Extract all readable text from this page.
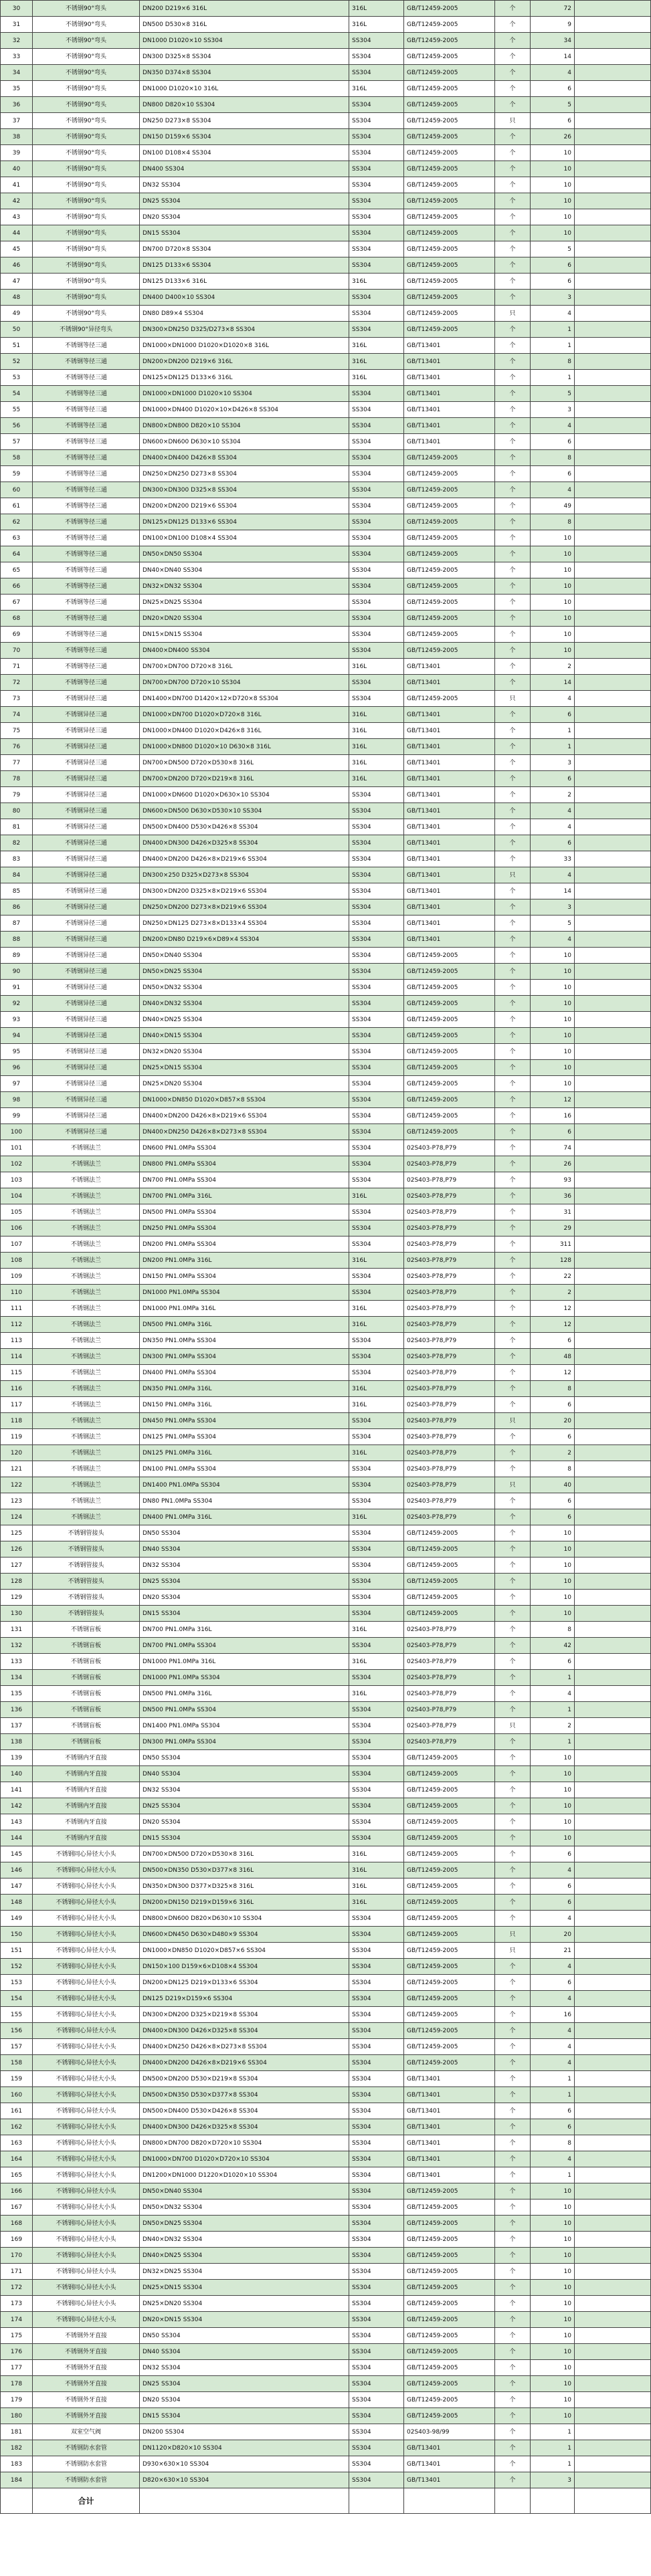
30	不锈钢90°弯头	DN200 D219×6 316L	316L	GB/T12459-2005	个	72	
31	不锈钢90°弯头	DN500 D530×8 316L	316L	GB/T12459-2005	个	9	
32	不锈钢90°弯头	DN1000 D1020×10 SS304	SS304	GB/T12459-2005	个	34	
33	不锈钢90°弯头	DN300 D325×8 SS304	SS304	GB/T12459-2005	个	14	
34	不锈钢90°弯头	DN350 D374×8 SS304	SS304	GB/T12459-2005	个	4	
35	不锈钢90°弯头	DN1000 D1020×10 316L	316L	GB/T12459-2005	个	6	
36	不锈钢90°弯头	DN800 D820×10 SS304	SS304	GB/T12459-2005	个	5	
37	不锈钢90°弯头	DN250 D273×8 SS304	SS304	GB/T12459-2005	只	6	
38	不锈钢90°弯头	DN150 D159×6 SS304	SS304	GB/T12459-2005	个	26	
39	不锈钢90°弯头	DN100 D108×4 SS304	SS304	GB/T12459-2005	个	10	
40	不锈钢90°弯头	DN400 SS304	SS304	GB/T12459-2005	个	10	
41	不锈钢90°弯头	DN32 SS304	SS304	GB/T12459-2005	个	10	
42	不锈钢90°弯头	DN25 SS304	SS304	GB/T12459-2005	个	10	
43	不锈钢90°弯头	DN20 SS304	SS304	GB/T12459-2005	个	10	
44	不锈钢90°弯头	DN15 SS304	SS304	GB/T12459-2005	个	10	
45	不锈钢90°弯头	DN700 D720×8 SS304	SS304	GB/T12459-2005	个	5	
46	不锈钢90°弯头	DN125 D133×6 SS304	SS304	GB/T12459-2005	个	6	
47	不锈钢90°弯头	DN125 D133×6 316L	316L	GB/T12459-2005	个	6	
48	不锈钢90°弯头	DN400 D400×10 SS304	SS304	GB/T12459-2005	个	3	
49	不锈钢90°弯头	DN80 D89×4 SS304	SS304	GB/T12459-2005	只	4	
50	不锈钢90°异径弯头	DN300×DN250 D325/D273×8 SS304	SS304	GB/T12459-2005	个	1	
51	不锈钢等径三通	DN1000×DN1000 D1020×D1020×8 316L	316L	GB/T13401	个	1	
52	不锈钢等径三通	DN200×DN200 D219×6 316L	316L	GB/T13401	个	8	
53	不锈钢等径三通	DN125×DN125 D133×6 316L	316L	GB/T13401	个	1	
54	不锈钢等径三通	DN1000×DN1000 D1020×10 SS304	SS304	GB/T13401	个	5	
55	不锈钢等径三通	DN1000×DN400 D1020×10×D426×8 SS304	SS304	GB/T13401	个	3	
56	不锈钢等径三通	DN800×DN800 D820×10 SS304	SS304	GB/T13401	个	4	
57	不锈钢等径三通	DN600×DN600 D630×10 SS304	SS304	GB/T13401	个	6	
58	不锈钢等径三通	DN400×DN400 D426×8 SS304	SS304	GB/T12459-2005	个	8	
59	不锈钢等径三通	DN250×DN250 D273×8 SS304	SS304	GB/T12459-2005	个	6	
60	不锈钢等径三通	DN300×DN300 D325×8 SS304	SS304	GB/T12459-2005	个	4	
61	不锈钢等径三通	DN200×DN200 D219×6 SS304	SS304	GB/T12459-2005	个	49	
62	不锈钢等径三通	DN125×DN125 D133×6 SS304	SS304	GB/T12459-2005	个	8	
63	不锈钢等径三通	DN100×DN100 D108×4 SS304	SS304	GB/T12459-2005	个	10	
64	不锈钢等径三通	DN50×DN50 SS304	SS304	GB/T12459-2005	个	10	
65	不锈钢等径三通	DN40×DN40 SS304	SS304	GB/T12459-2005	个	10	
66	不锈钢等径三通	DN32×DN32 SS304	SS304	GB/T12459-2005	个	10	
67	不锈钢等径三通	DN25×DN25 SS304	SS304	GB/T12459-2005	个	10	
68	不锈钢等径三通	DN20×DN20 SS304	SS304	GB/T12459-2005	个	10	
69	不锈钢等径三通	DN15×DN15 SS304	SS304	GB/T12459-2005	个	10	
70	不锈钢等径三通	DN400×DN400 SS304	SS304	GB/T12459-2005	个	10	
71	不锈钢等径三通	DN700×DN700 D720×8 316L	316L	GB/T13401	个	2	
72	不锈钢等径三通	DN700×DN700 D720×10 SS304	SS304	GB/T13401	个	14	
73	不锈钢异径三通	DN1400×DN700 D1420×12×D720×8 SS304	SS304	GB/T12459-2005	只	4	
74	不锈钢异径三通	DN1000×DN700 D1020×D720×8 316L	316L	GB/T13401	个	6	
75	不锈钢异径三通	DN1000×DN400 D1020×D426×8 316L	316L	GB/T13401	个	1	
76	不锈钢异径三通	DN1000×DN800 D1020×10 D630×8 316L	316L	GB/T13401	个	1	
77	不锈钢异径三通	DN700×DN500 D720×D530×8 316L	316L	GB/T13401	个	3	
78	不锈钢异径三通	DN700×DN200 D720×D219×8 316L	316L	GB/T13401	个	6	
79	不锈钢异径三通	DN1000×DN600 D1020×D630×10 SS304	SS304	GB/T13401	个	2	
80	不锈钢异径三通	DN600×DN500 D630×D530×10 SS304	SS304	GB/T13401	个	4	
81	不锈钢异径三通	DN500×DN400 D530×D426×8 SS304	SS304	GB/T13401	个	4	
82	不锈钢异径三通	DN400×DN300 D426×D325×8 SS304	SS304	GB/T13401	个	6	
83	不锈钢异径三通	DN400×DN200 D426×8×D219×6 SS304	SS304	GB/T13401	个	33	
84	不锈钢异径三通	DN300×250 D325×D273×8 SS304	SS304	GB/T13401	只	4	
85	不锈钢异径三通	DN300×DN200 D325×8×D219×6 SS304	SS304	GB/T13401	个	14	
86	不锈钢异径三通	DN250×DN200 D273×8×D219×6 SS304	SS304	GB/T13401	个	3	
87	不锈钢异径三通	DN250×DN125 D273×8×D133×4 SS304	SS304	GB/T13401	个	5	
88	不锈钢异径三通	DN200×DN80 D219×6×D89×4 SS304	SS304	GB/T13401	个	4	
89	不锈钢异径三通	DN50×DN40 SS304	SS304	GB/T12459-2005	个	10	
90	不锈钢异径三通	DN50×DN25 SS304	SS304	GB/T12459-2005	个	10	
91	不锈钢异径三通	DN50×DN32 SS304	SS304	GB/T12459-2005	个	10	
92	不锈钢异径三通	DN40×DN32 SS304	SS304	GB/T12459-2005	个	10	
93	不锈钢异径三通	DN40×DN25 SS304	SS304	GB/T12459-2005	个	10	
94	不锈钢异径三通	DN40×DN15 SS304	SS304	GB/T12459-2005	个	10	
95	不锈钢异径三通	DN32×DN20 SS304	SS304	GB/T12459-2005	个	10	
96	不锈钢异径三通	DN25×DN15 SS304	SS304	GB/T12459-2005	个	10	
97	不锈钢异径三通	DN25×DN20 SS304	SS304	GB/T12459-2005	个	10	
98	不锈钢异径三通	DN1000×DN850 D1020×D857×8 SS304	SS304	GB/T12459-2005	个	12	
99	不锈钢异径三通	DN400×DN200 D426×8×D219×6 SS304	SS304	GB/T12459-2005	个	16	
100	不锈钢异径三通	DN400×DN250 D426×8×D273×8 SS304	SS304	GB/T12459-2005	个	6	
101	不锈钢法兰	DN600 PN1.0MPa SS304	SS304	02S403-P78,P79	个	74	
102	不锈钢法兰	DN800 PN1.0MPa SS304	SS304	02S403-P78,P79	个	26	
103	不锈钢法兰	DN700 PN1.0MPa SS304	SS304	02S403-P78,P79	个	93	
104	不锈钢法兰	DN700 PN1.0MPa 316L	316L	02S403-P78,P79	个	36	
105	不锈钢法兰	DN500 PN1.0MPa SS304	SS304	02S403-P78,P79	个	31	
106	不锈钢法兰	DN250 PN1.0MPa SS304	SS304	02S403-P78,P79	个	29	
107	不锈钢法兰	DN200 PN1.0MPa SS304	SS304	02S403-P78,P79	个	311	
108	不锈钢法兰	DN200 PN1.0MPa 316L	316L	02S403-P78,P79	个	128	
109	不锈钢法兰	DN150 PN1.0MPa SS304	SS304	02S403-P78,P79	个	22	
110	不锈钢法兰	DN1000 PN1.0MPa SS304	SS304	02S403-P78,P79	个	2	
111	不锈钢法兰	DN1000 PN1.0MPa 316L	316L	02S403-P78,P79	个	12	
112	不锈钢法兰	DN500 PN1.0MPa 316L	316L	02S403-P78,P79	个	12	
113	不锈钢法兰	DN350 PN1.0MPa SS304	SS304	02S403-P78,P79	个	6	
114	不锈钢法兰	DN300 PN1.0MPa SS304	SS304	02S403-P78,P79	个	48	
115	不锈钢法兰	DN400 PN1.0MPa SS304	SS304	02S403-P78,P79	个	12	
116	不锈钢法兰	DN350 PN1.0MPa 316L	316L	02S403-P78,P79	个	8	
117	不锈钢法兰	DN150 PN1.0MPa 316L	316L	02S403-P78,P79	个	6	
118	不锈钢法兰	DN450 PN1.0MPa SS304	SS304	02S403-P78,P79	只	20	
119	不锈钢法兰	DN125 PN1.0MPa SS304	SS304	02S403-P78,P79	个	6	
120	不锈钢法兰	DN125 PN1.0MPa 316L	316L	02S403-P78,P79	个	2	
121	不锈钢法兰	DN100 PN1.0MPa SS304	SS304	02S403-P78,P79	个	8	
122	不锈钢法兰	DN1400 PN1.0MPa SS304	SS304	02S403-P78,P79	只	40	
123	不锈钢法兰	DN80 PN1.0MPa SS304	SS304	02S403-P78,P79	个	6	
124	不锈钢法兰	DN400 PN1.0MPa 316L	316L	02S403-P78,P79	个	6	
125	不锈钢管接头	DN50 SS304	SS304	GB/T12459-2005	个	10	
126	不锈钢管接头	DN40 SS304	SS304	GB/T12459-2005	个	10	
127	不锈钢管接头	DN32 SS304	SS304	GB/T12459-2005	个	10	
128	不锈钢管接头	DN25 SS304	SS304	GB/T12459-2005	个	10	
129	不锈钢管接头	DN20 SS304	SS304	GB/T12459-2005	个	10	
130	不锈钢管接头	DN15 SS304	SS304	GB/T12459-2005	个	10	
131	不锈钢盲板	DN700 PN1.0MPa 316L	316L	02S403-P78,P79	个	8	
132	不锈钢盲板	DN700 PN1.0MPa SS304	SS304	02S403-P78,P79	个	42	
133	不锈钢盲板	DN1000 PN1.0MPa 316L	316L	02S403-P78,P79	个	6	
134	不锈钢盲板	DN1000 PN1.0MPa SS304	SS304	02S403-P78,P79	个	1	
135	不锈钢盲板	DN500 PN1.0MPa 316L	316L	02S403-P78,P79	个	4	
136	不锈钢盲板	DN500 PN1.0MPa SS304	SS304	02S403-P78,P79	个	1	
137	不锈钢盲板	DN1400 PN1.0MPa SS304	SS304	02S403-P78,P79	只	2	
138	不锈钢盲板	DN300 PN1.0MPa SS304	SS304	02S403-P78,P79	个	1	
139	不锈钢内牙直接	DN50 SS304	SS304	GB/T12459-2005	个	10	
140	不锈钢内牙直接	DN40 SS304	SS304	GB/T12459-2005	个	10	
141	不锈钢内牙直接	DN32 SS304	SS304	GB/T12459-2005	个	10	
142	不锈钢内牙直接	DN25 SS304	SS304	GB/T12459-2005	个	10	
143	不锈钢内牙直接	DN20 SS304	SS304	GB/T12459-2005	个	10	
144	不锈钢内牙直接	DN15 SS304	SS304	GB/T12459-2005	个	10	
145	不锈钢同心异径大小头	DN700×DN500 D720×D530×8 316L	316L	GB/T12459-2005	个	6	
146	不锈钢同心异径大小头	DN500×DN350 D530×D377×8 316L	316L	GB/T12459-2005	个	4	
147	不锈钢同心异径大小头	DN350×DN300 D377×D325×8 316L	316L	GB/T12459-2005	个	6	
148	不锈钢同心异径大小头	DN200×DN150 D219×D159×6 316L	316L	GB/T12459-2005	个	6	
149	不锈钢同心异径大小头	DN800×DN600 D820×D630×10 SS304	SS304	GB/T12459-2005	个	4	
150	不锈钢同心异径大小头	DN600×DN450 D630×D480×9 SS304	SS304	GB/T12459-2005	只	20	
151	不锈钢同心异径大小头	DN1000×DN850 D1020×D857×6 SS304	SS304	GB/T12459-2005	只	21	
152	不锈钢同心异径大小头	DN150×100 D159×6×D108×4 SS304	SS304	GB/T12459-2005	个	4	
153	不锈钢同心异径大小头	DN200×DN125 D219×D133×6 SS304	SS304	GB/T12459-2005	个	6	
154	不锈钢同心异径大小头	DN125 D219×D159×6 SS304	SS304	GB/T12459-2005	个	4	
155	不锈钢同心异径大小头	DN300×DN200 D325×D219×8 SS304	SS304	GB/T12459-2005	个	16	
156	不锈钢同心异径大小头	DN400×DN300 D426×D325×8 SS304	SS304	GB/T12459-2005	个	4	
157	不锈钢同心异径大小头	DN400×DN250 D426×8×D273×8 SS304	SS304	GB/T12459-2005	个	4	
158	不锈钢同心异径大小头	DN400×DN200 D426×8×D219×6 SS304	SS304	GB/T12459-2005	个	4	
159	不锈钢同心异径大小头	DN500×DN200 D530×D219×8 SS304	SS304	GB/T13401	个	1	
160	不锈钢同心异径大小头	DN500×DN350 D530×D377×8 SS304	SS304	GB/T13401	个	1	
161	不锈钢同心异径大小头	DN500×DN400 D530×D426×8 SS304	SS304	GB/T13401	个	6	
162	不锈钢同心异径大小头	DN400×DN300 D426×D325×8 SS304	SS304	GB/T13401	个	6	
163	不锈钢同心异径大小头	DN800×DN700 D820×D720×10 SS304	SS304	GB/T13401	个	8	
164	不锈钢同心异径大小头	DN1000×DN700 D1020×D720×10 SS304	SS304	GB/T13401	个	4	
165	不锈钢同心异径大小头	DN1200×DN1000 D1220×D1020×10 SS304	SS304	GB/T13401	个	1	
166	不锈钢同心异径大小头	DN50×DN40 SS304	SS304	GB/T12459-2005	个	10	
167	不锈钢同心异径大小头	DN50×DN32 SS304	SS304	GB/T12459-2005	个	10	
168	不锈钢同心异径大小头	DN50×DN25 SS304	SS304	GB/T12459-2005	个	10	
169	不锈钢同心异径大小头	DN40×DN32 SS304	SS304	GB/T12459-2005	个	10	
170	不锈钢同心异径大小头	DN40×DN25 SS304	SS304	GB/T12459-2005	个	10	
171	不锈钢同心异径大小头	DN32×DN25 SS304	SS304	GB/T12459-2005	个	10	
172	不锈钢同心异径大小头	DN25×DN15 SS304	SS304	GB/T12459-2005	个	10	
173	不锈钢同心异径大小头	DN25×DN20 SS304	SS304	GB/T12459-2005	个	10	
174	不锈钢同心异径大小头	DN20×DN15 SS304	SS304	GB/T12459-2005	个	10	
175	不锈钢外牙直接	DN50 SS304	SS304	GB/T12459-2005	个	10	
176	不锈钢外牙直接	DN40 SS304	SS304	GB/T12459-2005	个	10	
177	不锈钢外牙直接	DN32 SS304	SS304	GB/T12459-2005	个	10	
178	不锈钢外牙直接	DN25 SS304	SS304	GB/T12459-2005	个	10	
179	不锈钢外牙直接	DN20 SS304	SS304	GB/T12459-2005	个	10	
180	不锈钢外牙直接	DN15 SS304	SS304	GB/T12459-2005	个	10	
181	双室空气阀	DN200 SS304	SS304	02S403-98/99	个	1	
182	不锈钢防水套管	DN1120×D820×10 SS304	SS304	GB/T13401	个	1	
183	不锈钢防水套管	D930×630×10 SS304	SS304	GB/T13401	个	1	
184	不锈钢防水套管	D820×630×10 SS304	SS304	GB/T13401	个	3	
	合计						
